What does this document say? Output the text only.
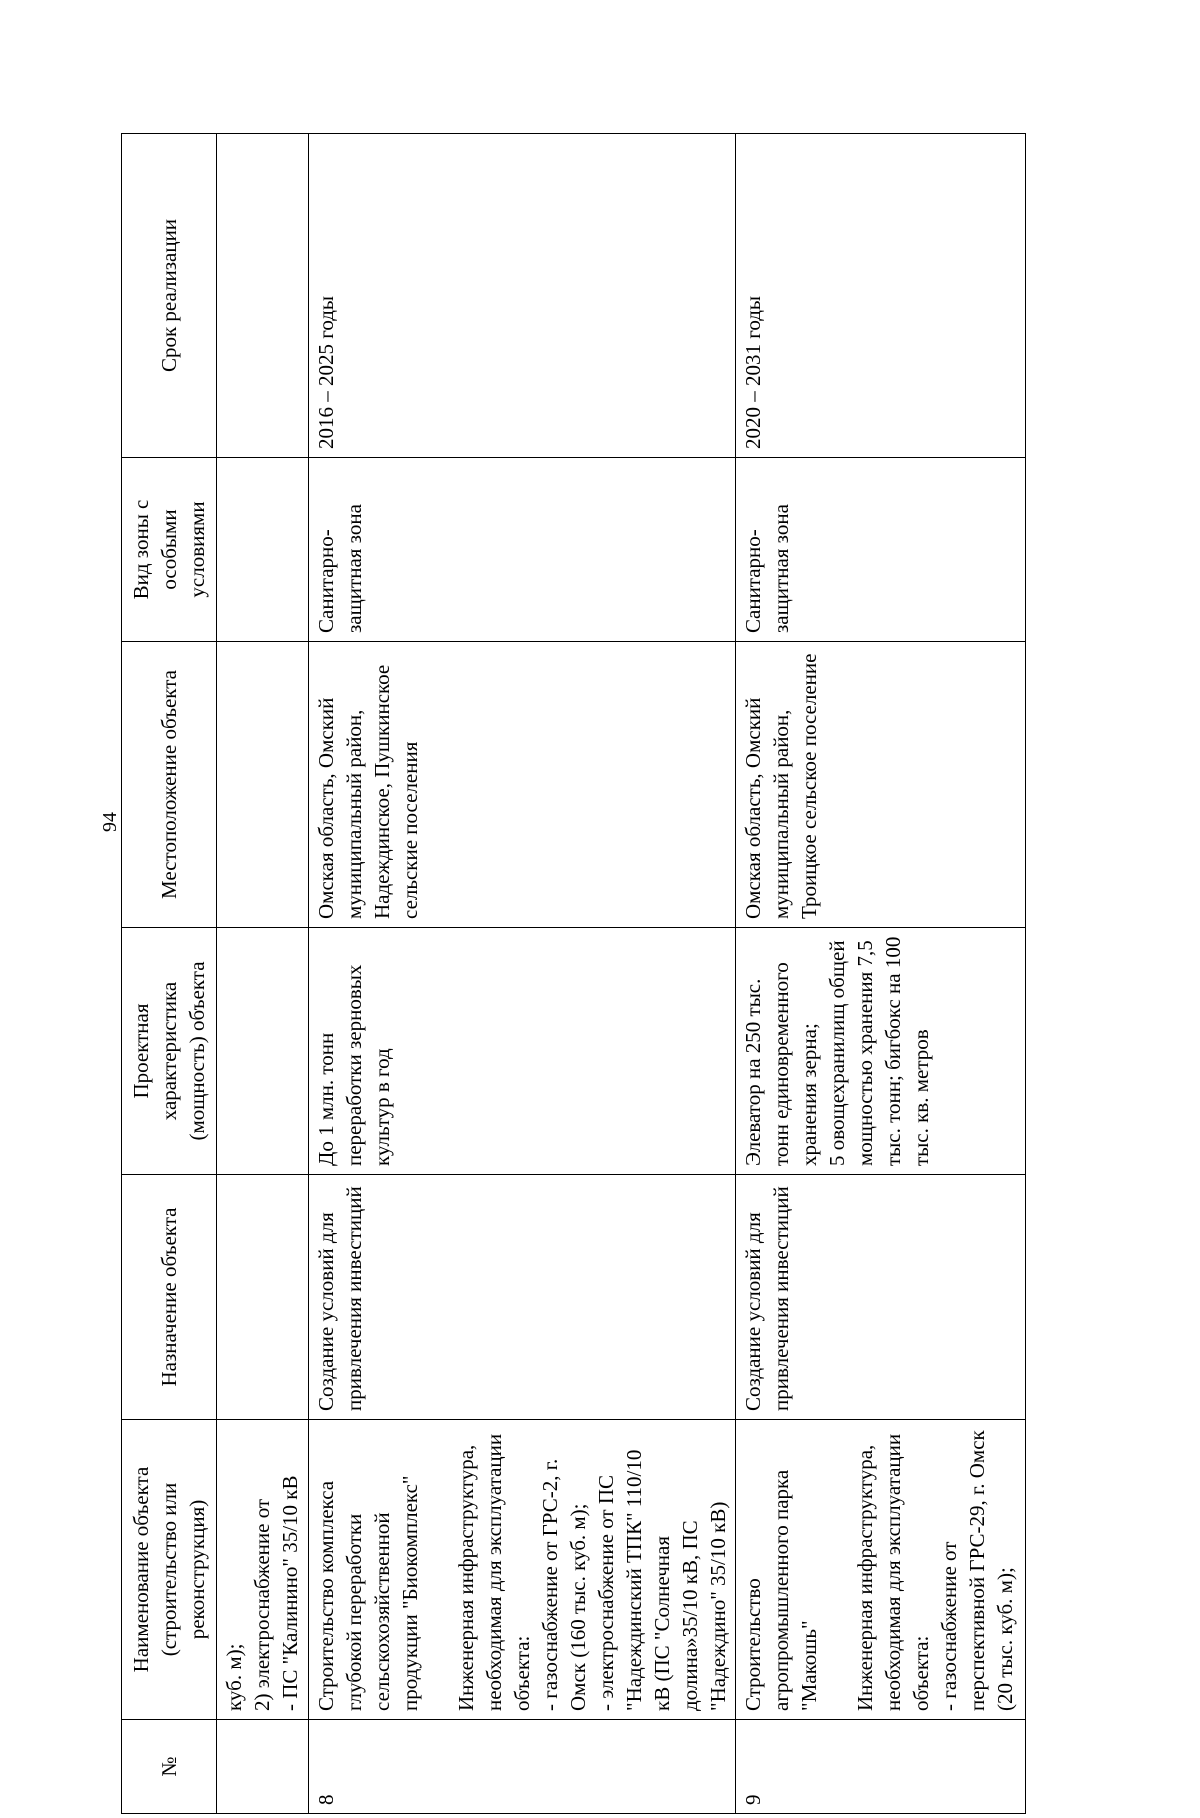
94
№	Наименование объекта (строительство или реконструкция)	Назначение объекта	Проектная характеристика (мощность) объекта	Местоположение объекта	Вид зоны с особыми условиями	Срок реализации
	куб. м);
2) электроснабжение от
- ПС "Калинино" 35/10 кВ					
8	Строительство комплекса глубокой переработки сельскохозяйственной продукции "Биокомплекс" Инженерная инфраструктура, необходимая для эксплуатации объекта:
- газоснабжение от ГРС-2, г. Омск (160 тыс. куб. м);
- электроснабжение от ПС "Надеждинский ТПК" 110/10 кВ (ПС "Солнечная долина»35/10 кВ, ПС "Надеждино" 35/10 кВ)	Создание условий для привлечения инвестиций	До 1 млн. тонн переработки зерновых культур в год	Омская область, Омский муниципальный район, Надеждинское, Пушкинское сельские поселения	Санитарно-защитная зона	2016 – 2025 годы
9	Строительство агропромышленного парка "Макошь" Инженерная инфраструктура, необходимая для эксплуатации объекта:
- газоснабжение от перспективной ГРС-29, г. Омск (20 тыс. куб. м);	Создание условий для привлечения инвестиций	Элеватор на 250 тыс. тонн единовременного хранения зерна;
5 овощехранилищ общей мощностью хранения 7,5 тыс. тонн; бигбокс на 100 тыс. кв. метров	Омская область, Омский муниципальный район, Троицкое сельское поселение	Санитарно-защитная зона	2020 – 2031 годы
